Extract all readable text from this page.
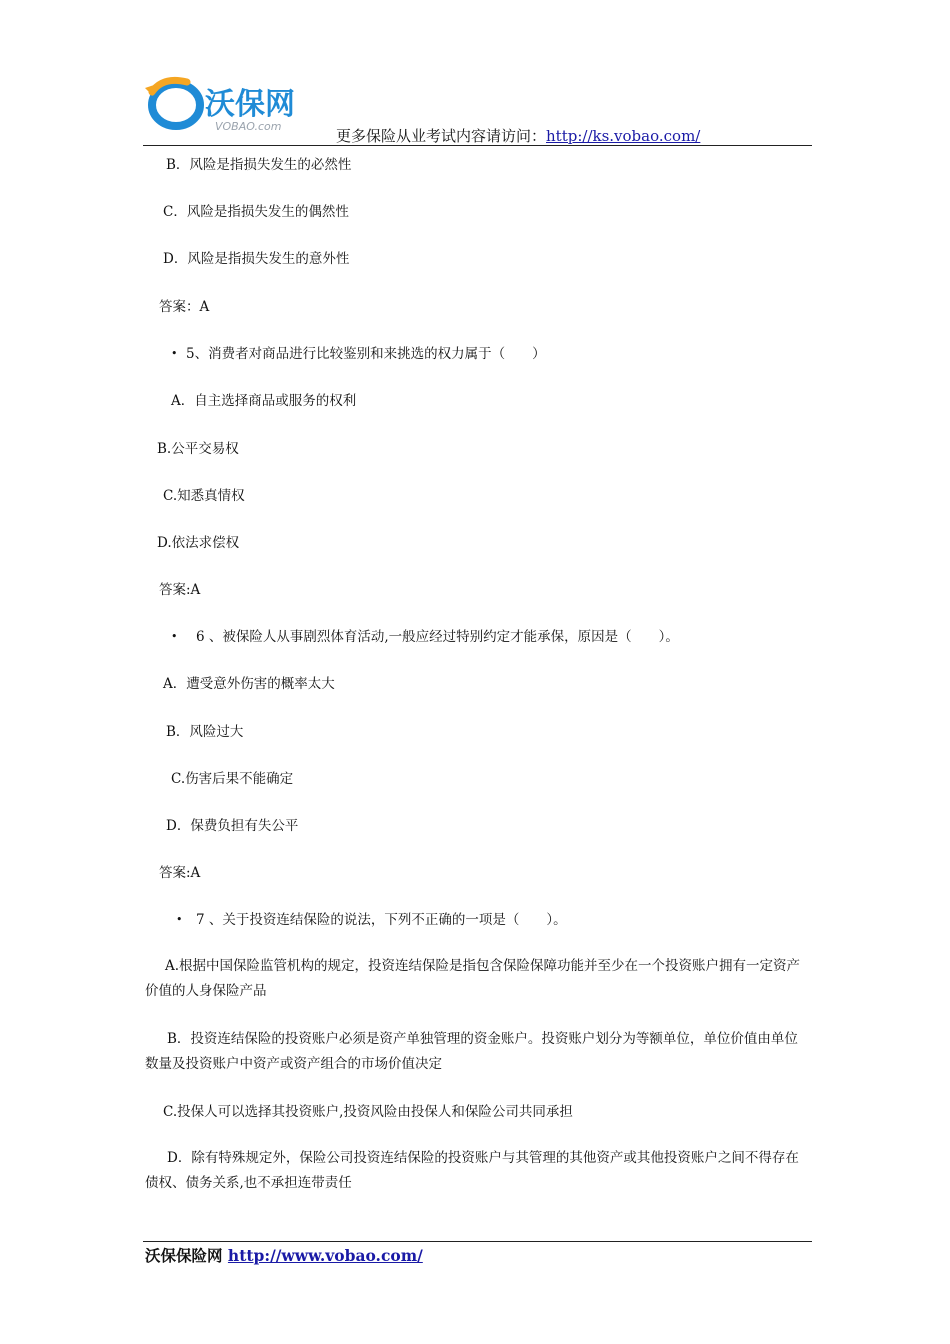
沃保网
VOBAO.com
更多保险从业考试内容请访问：http://ks.vobao.com/
B．风险是指损失发生的必然性
C．风险是指损失发生的偶然性
D．风险是指损失发生的意外性
答案：A
• 5、消费者对商品进行比较鉴别和来挑选的权力属于（　　）
A．自主选择商品或服务的权利
B.公平交易权
C.知悉真情权
D.依法求偿权
答案:A
• 6 、被保险人从事剧烈体育活动,一般应经过特别约定才能承保，原因是（　　）。
A．遭受意外伤害的概率太大
B．风险过大
C.伤害后果不能确定
D．保费负担有失公平
答案:A
• 7 、关于投资连结保险的说法，下列不正确的一项是（　　）。
A.根据中国保险监管机构的规定，投资连结保险是指包含保险保障功能并至少在一个投资账户拥有一定资产价值的人身保险产品
B．投资连结保险的投资账户必须是资产单独管理的资金账户。投资账户划分为等额单位，单位价值由单位数量及投资账户中资产或资产组合的市场价值决定
C.投保人可以选择其投资账户,投资风险由投保人和保险公司共同承担
D．除有特殊规定外，保险公司投资连结保险的投资账户与其管理的其他资产或其他投资账户之间不得存在债权、债务关系,也不承担连带责任
沃保保险网 http://www.vobao.com/
